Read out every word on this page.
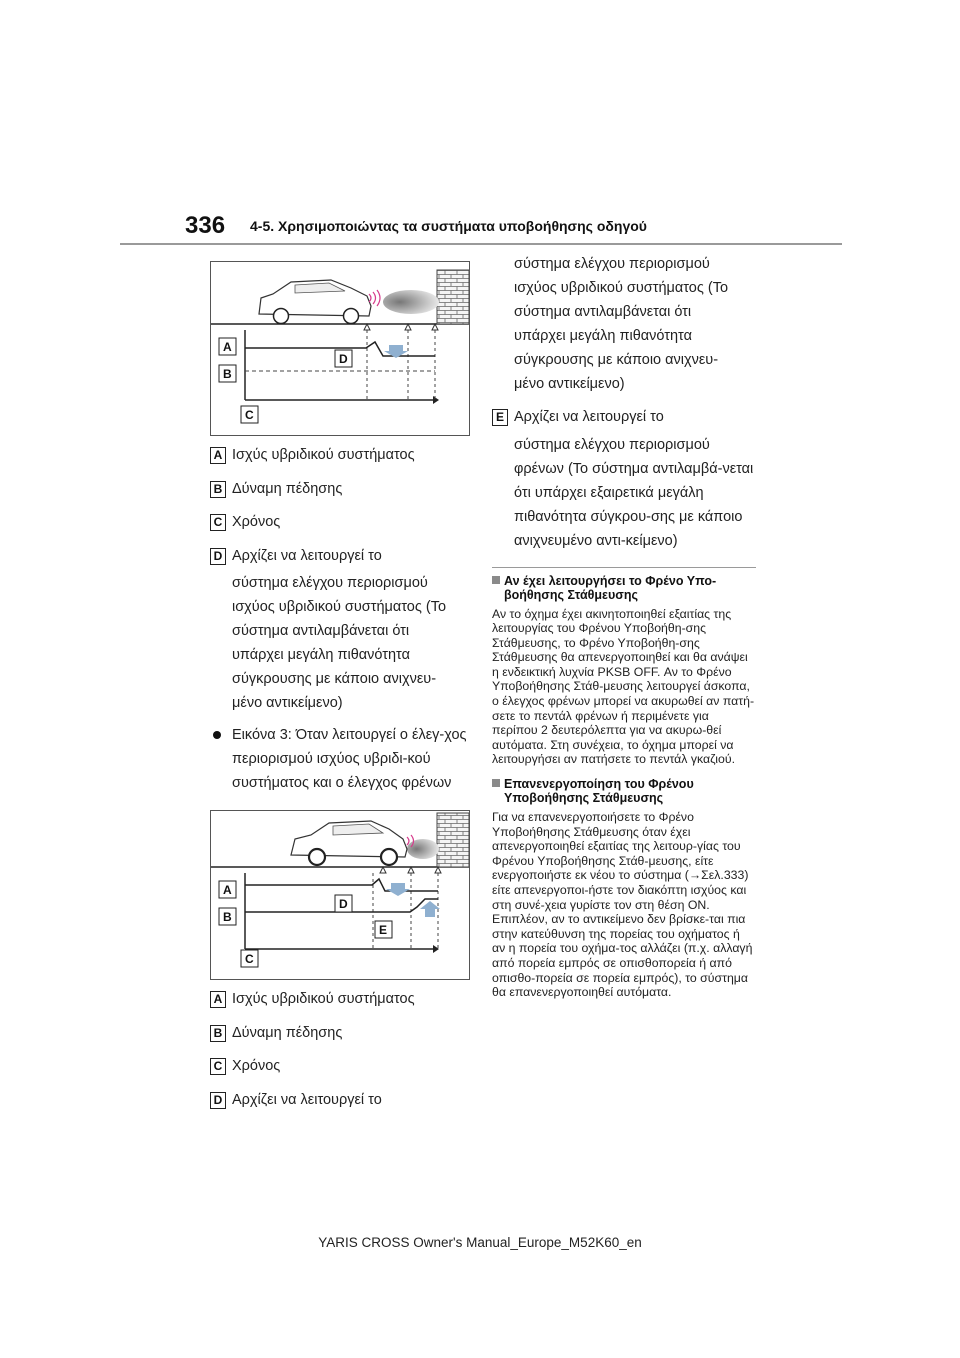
336 4-5. Χρησιμοποιώντας τα συστήματα υποβοήθησης οδηγού
A
B
C
D
A Ισχύς υβριδικού συστήματος
B Δύναμη πέδησης
C Χρόνος
D Αρχίζει να λειτουργεί το
σύστημα ελέγχου περιορισμού ισχύος υβριδικού συστήματος (Το σύστημα αντιλαμβάνεται ότι υπάρχει μεγάλη πιθανότητα σύγκρουσης με κάποιο ανιχνευ-μένο αντικείμενο)
Εικόνα 3: Όταν λειτουργεί ο έλεγ-χος περιορισμού ισχύος υβριδι-κού συστήματος και ο έλεγχος φρένων
A
B
C
D
E
A Ισχύς υβριδικού συστήματος
B Δύναμη πέδησης
C Χρόνος
D Αρχίζει να λειτουργεί το
σύστημα ελέγχου περιορισμού ισχύος υβριδικού συστήματος (Το σύστημα αντιλαμβάνεται ότι υπάρχει μεγάλη πιθανότητα σύγκρουσης με κάποιο ανιχνευ-μένο αντικείμενο)
E Αρχίζει να λειτουργεί το
σύστημα ελέγχου περιορισμού φρένων (Το σύστημα αντιλαμβά-νεται ότι υπάρχει εξαιρετικά μεγάλη πιθανότητα σύγκρου-σης με κάποιο ανιχνευμένο αντι-κείμενο)
Αν έχει λειτουργήσει το Φρένο Υπο-βοήθησης Στάθμευσης
Αν το όχημα έχει ακινητοποιηθεί εξαιτίας της λειτουργίας του Φρένου Υποβοήθη-σης Στάθμευσης, το Φρένο Υποβοήθη-σης Στάθμευσης θα απενεργοποιηθεί και θα ανάψει η ενδεικτική λυχνία PKSB OFF. Αν το Φρένο Υποβοήθησης Στάθ-μευσης λειτουργεί άσκοπα, ο έλεγχος φρένων μπορεί να ακυρωθεί αν πατή-σετε το πεντάλ φρένων ή περιμένετε για περίπου 2 δευτερόλεπτα για να ακυρω-θεί αυτόματα. Στη συνέχεια, το όχημα μπορεί να λειτουργήσει αν πατήσετε το πεντάλ γκαζιού.
Επανενεργοποίηση του Φρένου Υποβοήθησης Στάθμευσης
Για να επανενεργοποιήσετε το Φρένο Υποβοήθησης Στάθμευσης όταν έχει απενεργοποιηθεί εξαιτίας της λειτουρ-γίας του Φρένου Υποβοήθησης Στάθ-μευσης, είτε ενεργοποιήστε εκ νέου το σύστημα (→Σελ.333) είτε απενεργοποι-ήστε τον διακόπτη ισχύος και στη συνέ-χεια γυρίστε τον στη θέση ON. Επιπλέον, αν το αντικείμενο δεν βρίσκε-ται πια στην κατεύθυνση της πορείας του οχήματος ή αν η πορεία του οχήμα-τος αλλάζει (π.χ. αλλαγή από πορεία εμπρός σε οπισθοπορεία ή από οπισθο-πορεία σε πορεία εμπρός), το σύστημα θα επανενεργοποιηθεί αυτόματα.
YARIS CROSS Owner's Manual_Europe_M52K60_en
